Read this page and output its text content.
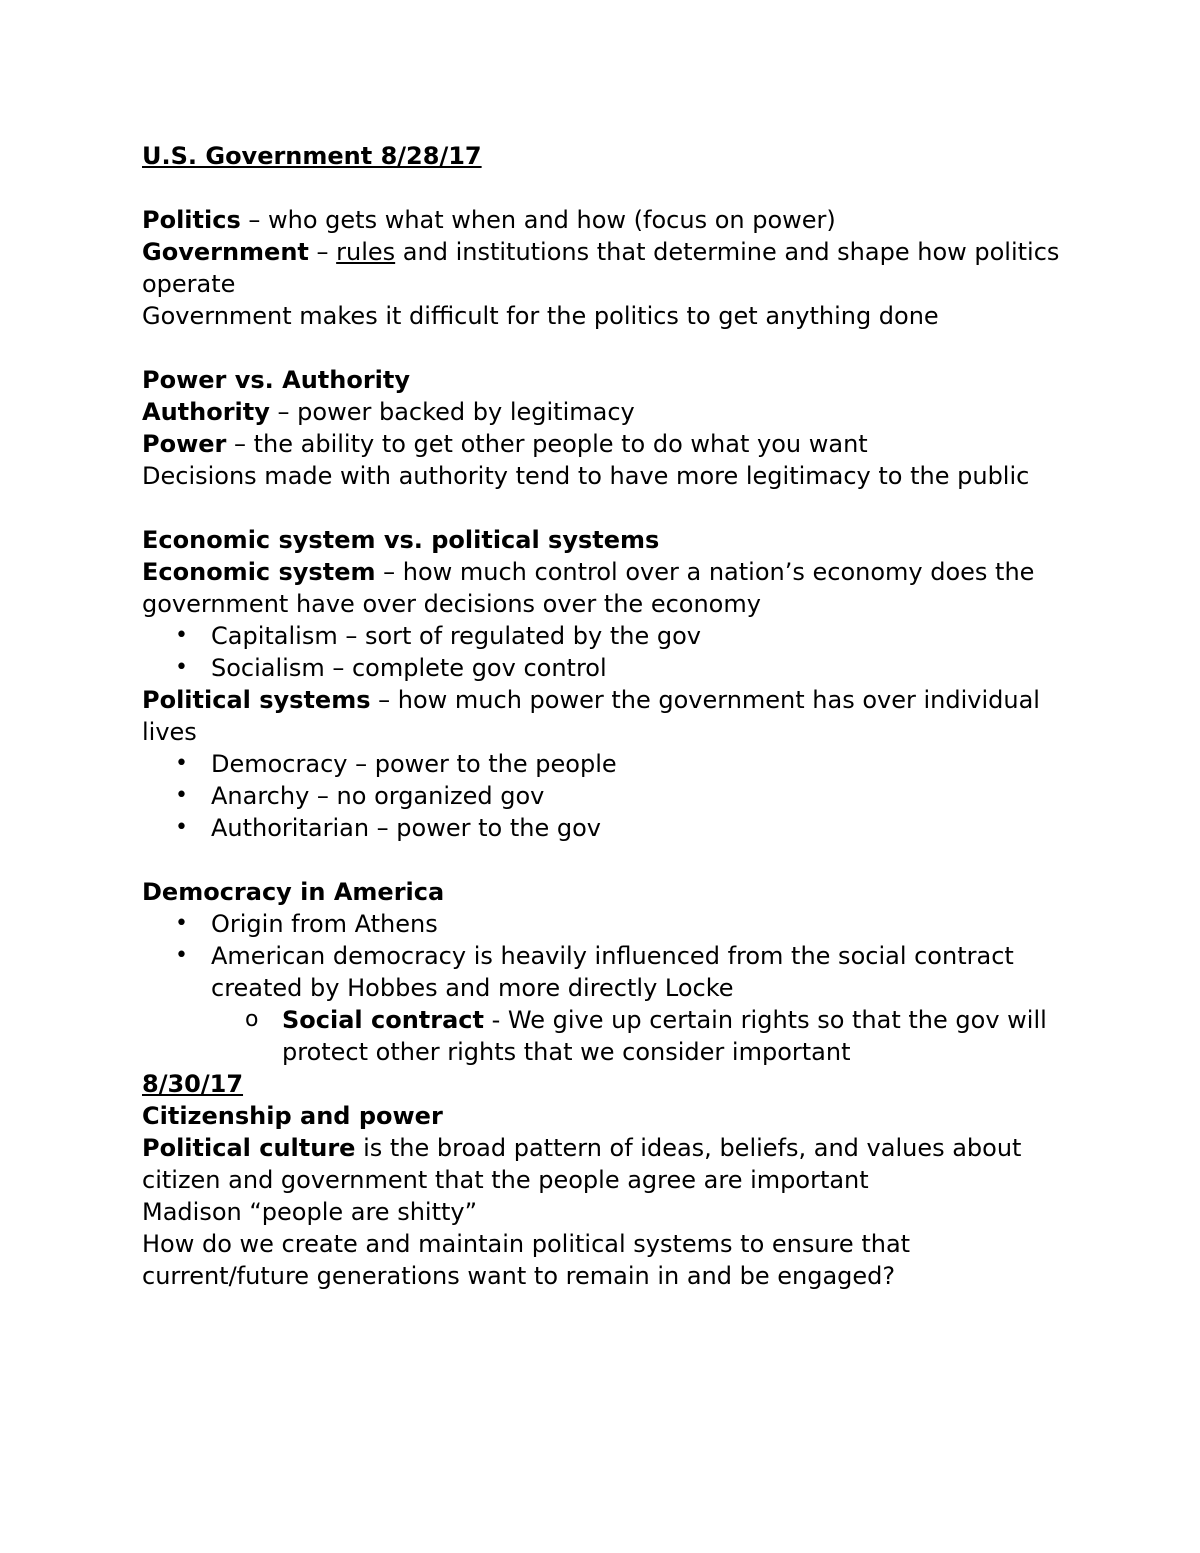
U.S. Government 8/28/17

Politics – who gets what when and how (focus on power)

Government – rules and institutions that determine and shape how politics operate

Government makes it difficult for the politics to get anything done

Power vs. Authority

Authority – power backed by legitimacy

Power – the ability to get other people to do what you want

Decisions made with authority tend to have more legitimacy to the public

Economic system vs. political systems

Economic system – how much control over a nation’s economy does the government have over decisions over the economy

• Capitalism – sort of regulated by the gov

• Socialism – complete gov control

Political systems – how much power the government has over individual lives

• Democracy – power to the people

• Anarchy – no organized gov

• Authoritarian – power to the gov

Democracy in America

• Origin from Athens

• American democracy is heavily influenced from the social contract created by Hobbes and more directly Locke

o Social contract - We give up certain rights so that the gov will protect other rights that we consider important

8/30/17

Citizenship and power

Political culture is the broad pattern of ideas, beliefs, and values about citizen and government that the people agree are important

Madison “people are shitty”

How do we create and maintain political systems to ensure that current/future generations want to remain in and be engaged?
